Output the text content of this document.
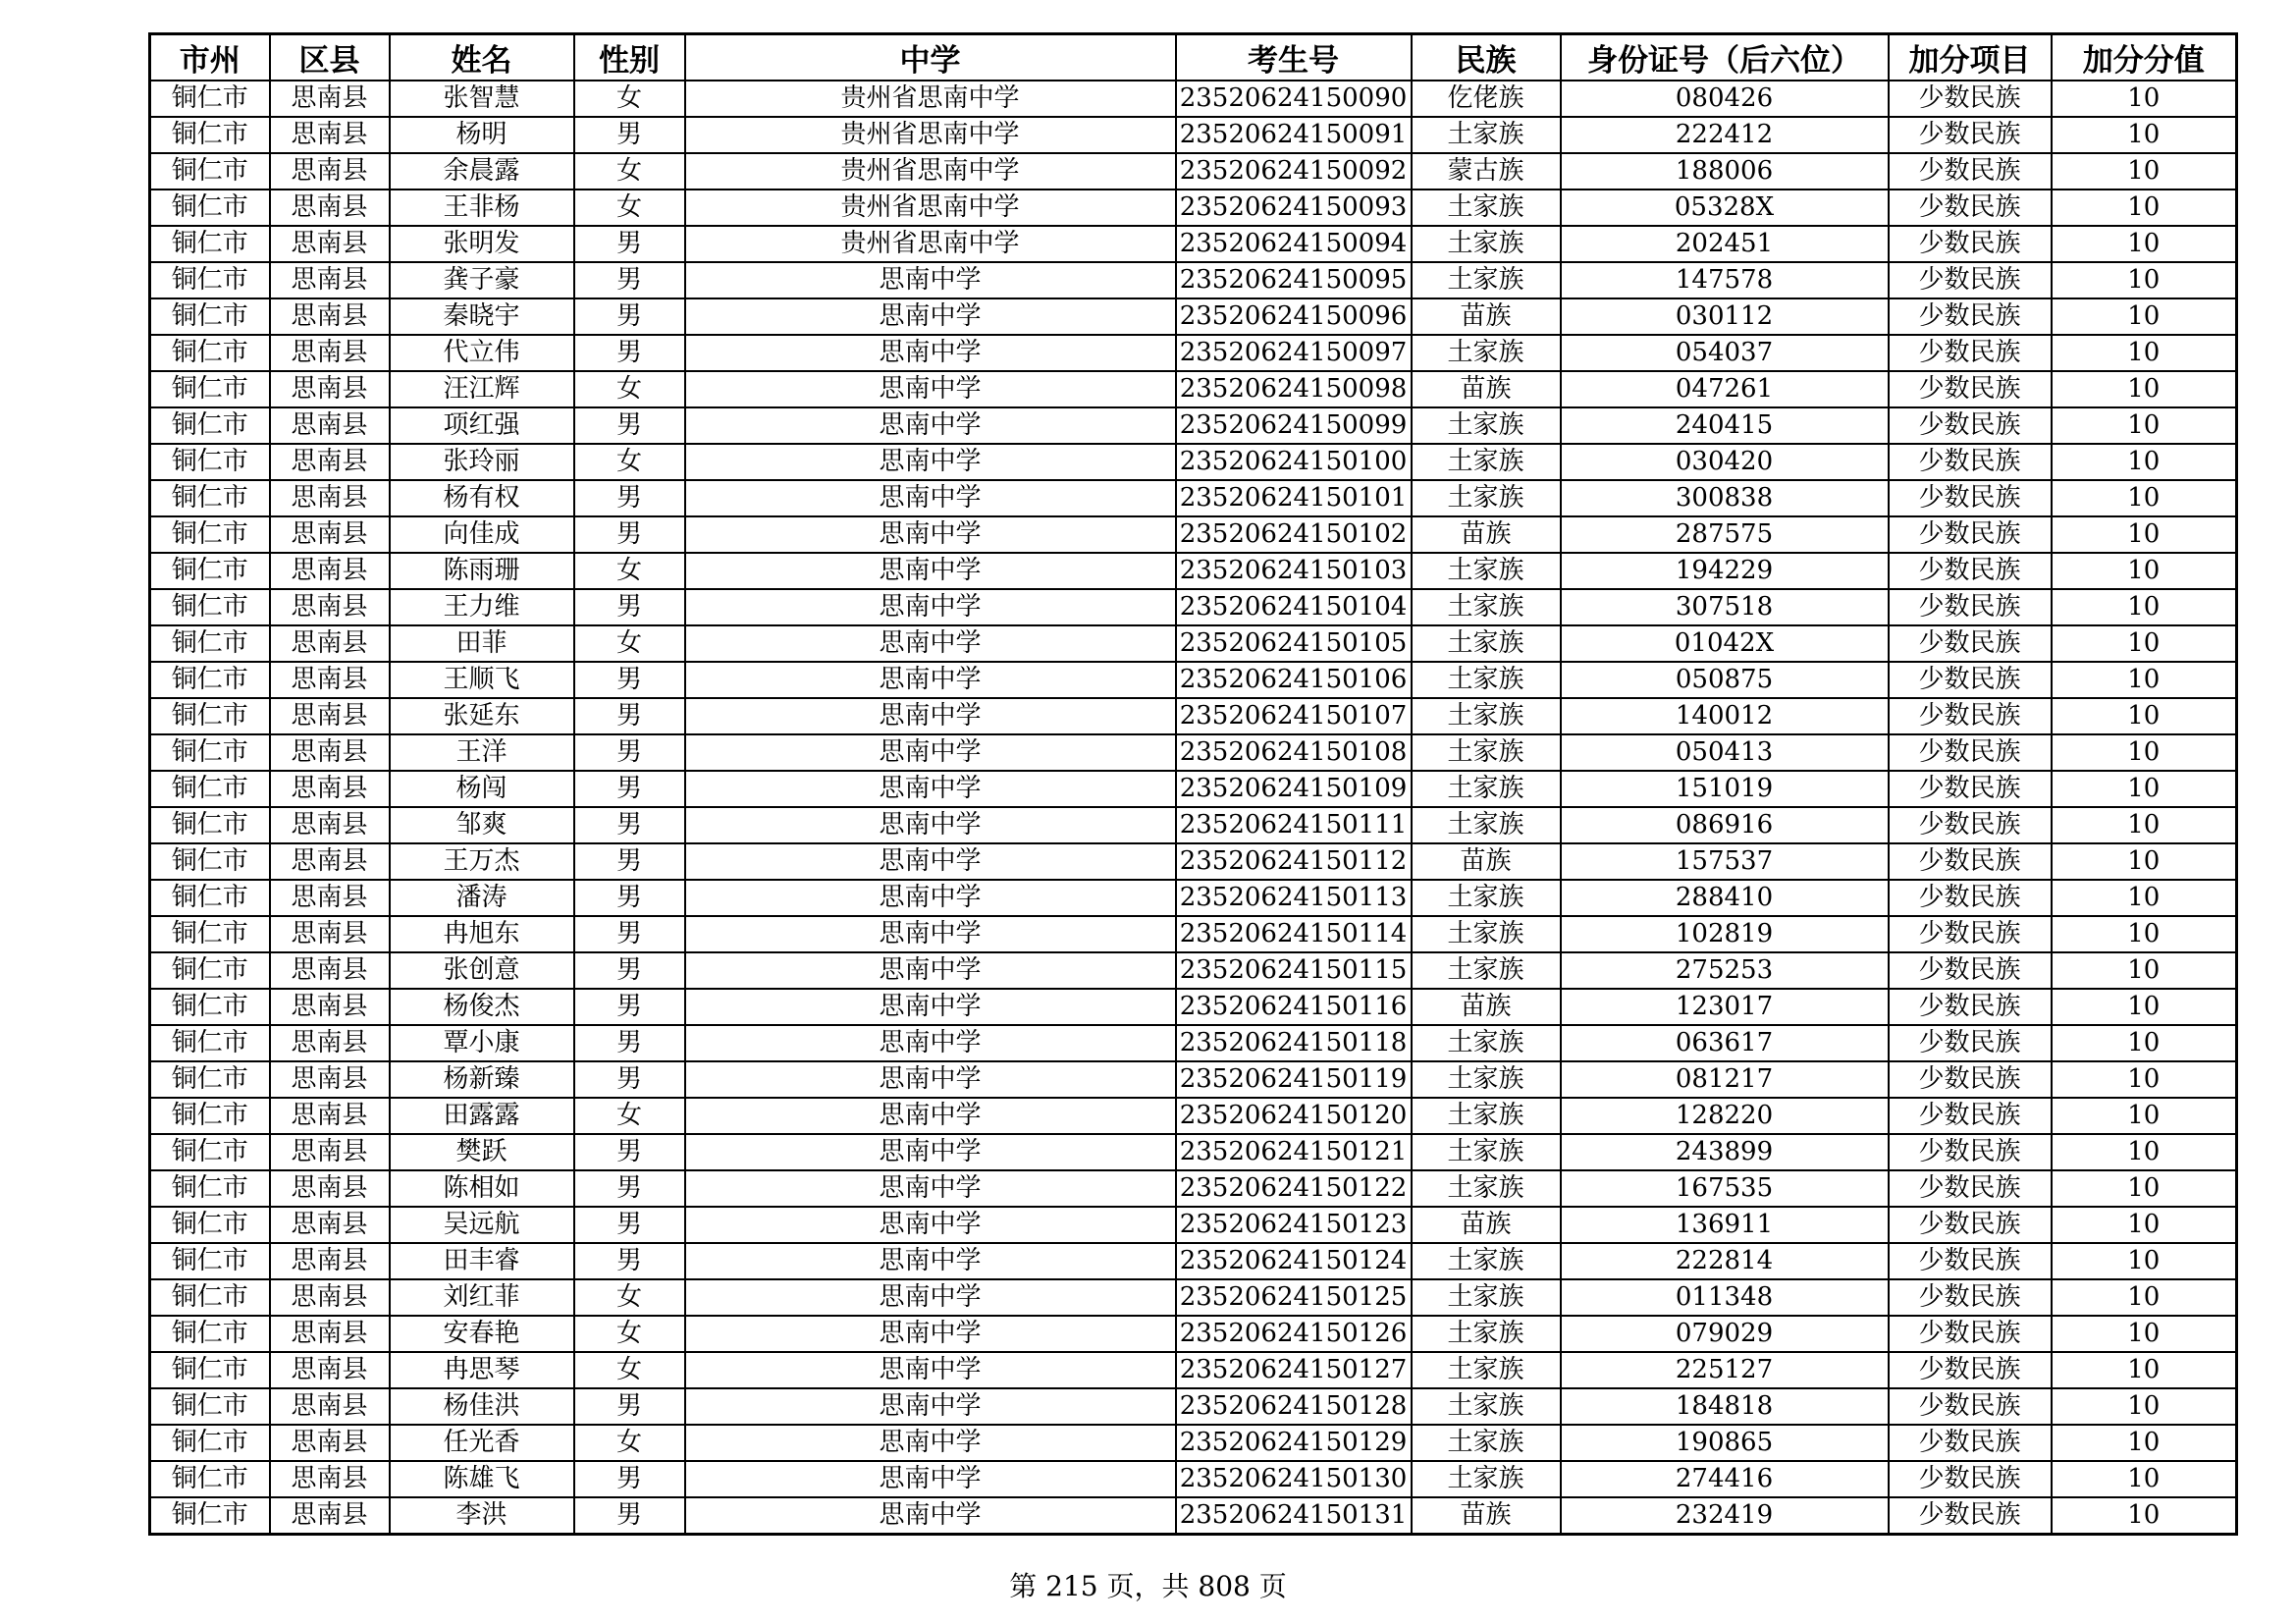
市州	区县	姓名	性别	中学	考生号	民族	身份证号（后六位）	加分项目	加分分值
铜仁市	思南县	张智慧	女	贵州省思南中学	23520624150090	仡佬族	080426	少数民族	10
铜仁市	思南县	杨明	男	贵州省思南中学	23520624150091	土家族	222412	少数民族	10
铜仁市	思南县	余晨露	女	贵州省思南中学	23520624150092	蒙古族	188006	少数民族	10
铜仁市	思南县	王非杨	女	贵州省思南中学	23520624150093	土家族	05328X	少数民族	10
铜仁市	思南县	张明发	男	贵州省思南中学	23520624150094	土家族	202451	少数民族	10
铜仁市	思南县	龚子豪	男	思南中学	23520624150095	土家族	147578	少数民族	10
铜仁市	思南县	秦晓宇	男	思南中学	23520624150096	苗族	030112	少数民族	10
铜仁市	思南县	代立伟	男	思南中学	23520624150097	土家族	054037	少数民族	10
铜仁市	思南县	汪江辉	女	思南中学	23520624150098	苗族	047261	少数民族	10
铜仁市	思南县	项红强	男	思南中学	23520624150099	土家族	240415	少数民族	10
铜仁市	思南县	张玲丽	女	思南中学	23520624150100	土家族	030420	少数民族	10
铜仁市	思南县	杨有权	男	思南中学	23520624150101	土家族	300838	少数民族	10
铜仁市	思南县	向佳成	男	思南中学	23520624150102	苗族	287575	少数民族	10
铜仁市	思南县	陈雨珊	女	思南中学	23520624150103	土家族	194229	少数民族	10
铜仁市	思南县	王力维	男	思南中学	23520624150104	土家族	307518	少数民族	10
铜仁市	思南县	田菲	女	思南中学	23520624150105	土家族	01042X	少数民族	10
铜仁市	思南县	王顺飞	男	思南中学	23520624150106	土家族	050875	少数民族	10
铜仁市	思南县	张延东	男	思南中学	23520624150107	土家族	140012	少数民族	10
铜仁市	思南县	王洋	男	思南中学	23520624150108	土家族	050413	少数民族	10
铜仁市	思南县	杨闯	男	思南中学	23520624150109	土家族	151019	少数民族	10
铜仁市	思南县	邹爽	男	思南中学	23520624150111	土家族	086916	少数民族	10
铜仁市	思南县	王万杰	男	思南中学	23520624150112	苗族	157537	少数民族	10
铜仁市	思南县	潘涛	男	思南中学	23520624150113	土家族	288410	少数民族	10
铜仁市	思南县	冉旭东	男	思南中学	23520624150114	土家族	102819	少数民族	10
铜仁市	思南县	张创意	男	思南中学	23520624150115	土家族	275253	少数民族	10
铜仁市	思南县	杨俊杰	男	思南中学	23520624150116	苗族	123017	少数民族	10
铜仁市	思南县	覃小康	男	思南中学	23520624150118	土家族	063617	少数民族	10
铜仁市	思南县	杨新臻	男	思南中学	23520624150119	土家族	081217	少数民族	10
铜仁市	思南县	田露露	女	思南中学	23520624150120	土家族	128220	少数民族	10
铜仁市	思南县	樊跃	男	思南中学	23520624150121	土家族	243899	少数民族	10
铜仁市	思南县	陈相如	男	思南中学	23520624150122	土家族	167535	少数民族	10
铜仁市	思南县	吴远航	男	思南中学	23520624150123	苗族	136911	少数民族	10
铜仁市	思南县	田丰睿	男	思南中学	23520624150124	土家族	222814	少数民族	10
铜仁市	思南县	刘红菲	女	思南中学	23520624150125	土家族	011348	少数民族	10
铜仁市	思南县	安春艳	女	思南中学	23520624150126	土家族	079029	少数民族	10
铜仁市	思南县	冉思琴	女	思南中学	23520624150127	土家族	225127	少数民族	10
铜仁市	思南县	杨佳洪	男	思南中学	23520624150128	土家族	184818	少数民族	10
铜仁市	思南县	任光香	女	思南中学	23520624150129	土家族	190865	少数民族	10
铜仁市	思南县	陈雄飞	男	思南中学	23520624150130	土家族	274416	少数民族	10
铜仁市	思南县	李洪	男	思南中学	23520624150131	苗族	232419	少数民族	10
第 215 页，共 808 页
